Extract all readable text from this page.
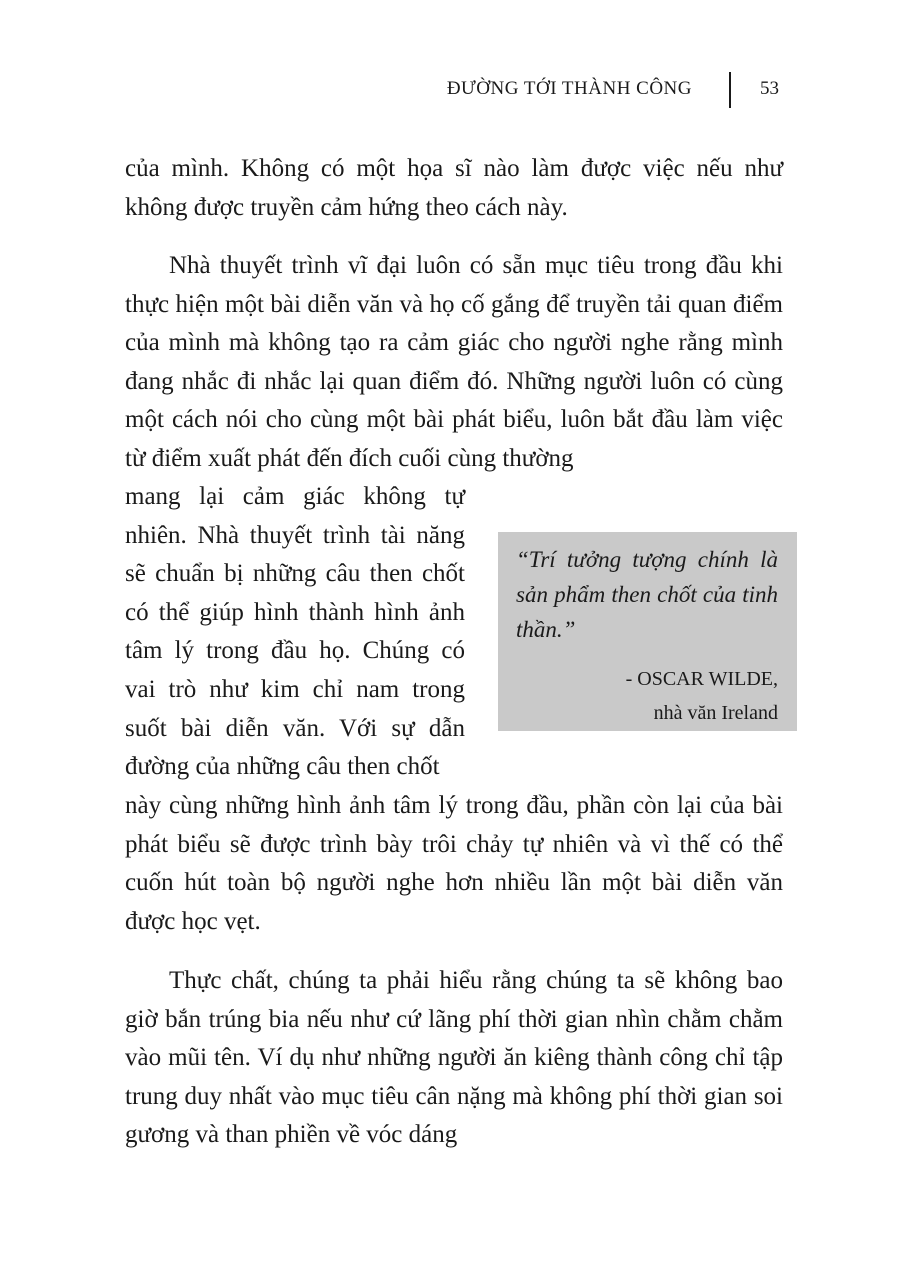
ĐƯỜNG TỚI THÀNH CÔNG	53

của mình. Không có một họa sĩ nào làm được việc nếu như không được truyền cảm hứng theo cách này.

Nhà thuyết trình vĩ đại luôn có sẵn mục tiêu trong đầu khi thực hiện một bài diễn văn và họ cố gắng để truyền tải quan điểm của mình mà không tạo ra cảm giác cho người nghe rằng mình đang nhắc đi nhắc lại quan điểm đó. Những người luôn có cùng một cách nói cho cùng một bài phát biểu, luôn bắt đầu làm việc từ điểm xuất phát đến đích cuối cùng thường

mang lại cảm giác không tự nhiên. Nhà thuyết trình tài năng sẽ chuẩn bị những câu then chốt có thể giúp hình thành hình ảnh tâm lý trong đầu họ. Chúng có vai trò như kim chỉ nam trong suốt bài diễn văn. Với sự dẫn đường của những câu then chốt

này cùng những hình ảnh tâm lý trong đầu, phần còn lại của bài phát biểu sẽ được trình bày trôi chảy tự nhiên và vì thế có thể cuốn hút toàn bộ người nghe hơn nhiều lần một bài diễn văn được học vẹt.

Thực chất, chúng ta phải hiểu rằng chúng ta sẽ không bao giờ bắn trúng bia nếu như cứ lãng phí thời gian nhìn chằm chằm vào mũi tên. Ví dụ như những người ăn kiêng thành công chỉ tập trung duy nhất vào mục tiêu cân nặng mà không phí thời gian soi gương và than phiền về vóc dáng

“Trí tưởng tượng chính là sản phẩm then chốt của tinh thần.”

- OSCAR WILDE,

nhà văn Ireland
